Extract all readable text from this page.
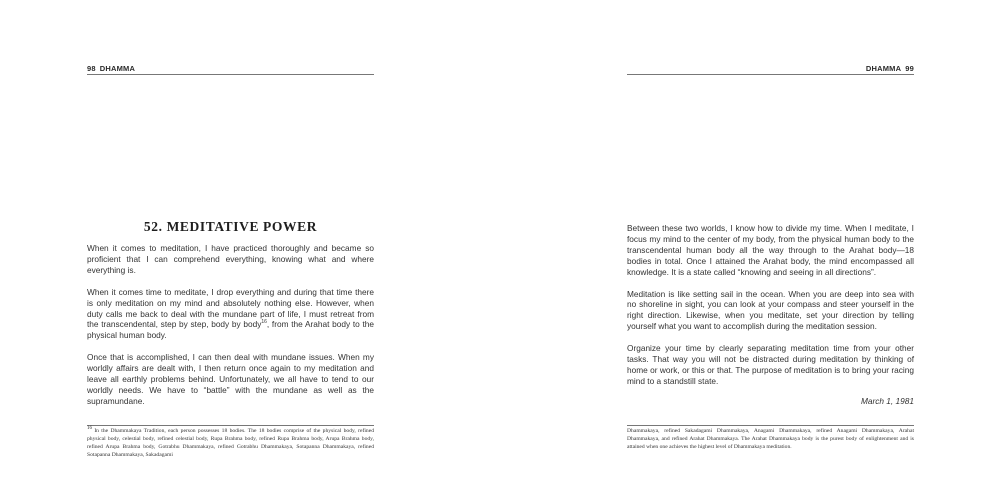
98 DHAMMA
52. MEDITATIVE POWER

When it comes to meditation, I have practiced thoroughly and became so proficient that I can comprehend everything, knowing what and where everything is.

When it comes time to meditate, I drop everything and during that time there is only meditation on my mind and absolutely nothing else. However, when duty calls me back to deal with the mundane part of life, I must retreat from the transcendental, step by step, body by body$^{16}$, from the Arahat body to the physical human body.

Once that is accomplished, I can then deal with mundane issues. When my worldly affairs are dealt with, I then return once again to my meditation and leave all earthly problems behind. Unfortunately, we all have to tend to our worldly needs. We have to “battle” with the mundane as well as the supramundane.

$^{16}$ In the Dhammakaya Tradition, each person possesses 18 bodies. The 18 bodies comprise of the physical body, refined physical body, celestial body, refined celestial body, Rupa Brahma body, refined Rupa Brahma body, Arupa Brahma body, refined Arupa Brahma body, Gotrabhu Dhammakaya, refined Gotrabhu Dhammakaya, Sotapanna Dhammakaya, refined Sotapanna Dhammakaya, Sakadagami
DHAMMA 99

Between these two worlds, I know how to divide my time. When I meditate, I focus my mind to the center of my body, from the physical human body to the transcendental human body all the way through to the Arahat body—18 bodies in total. Once I attained the Arahat body, the mind encompassed all knowledge. It is a state called “knowing and seeing in all directions”.

Meditation is like setting sail in the ocean. When you are deep into sea with no shoreline in sight, you can look at your compass and steer yourself in the right direction. Likewise, when you meditate, set your direction by telling yourself what you want to accomplish during the meditation session.

Organize your time by clearly separating meditation time from your other tasks. That way you will not be distracted during meditation by thinking of home or work, or this or that. The purpose of meditation is to bring your racing mind to a standstill state.

March 1, 1981

Dhammakaya, refined Sakadagami Dhammakaya, Anagami Dhammakaya, refined Anagami Dhammakaya, Arahat Dhammakaya, and refined Arahat Dhammakaya. The Arahat Dhammakaya body is the purest body of enlightenment and is attained when one achieves the highest level of Dhammakaya meditation.
